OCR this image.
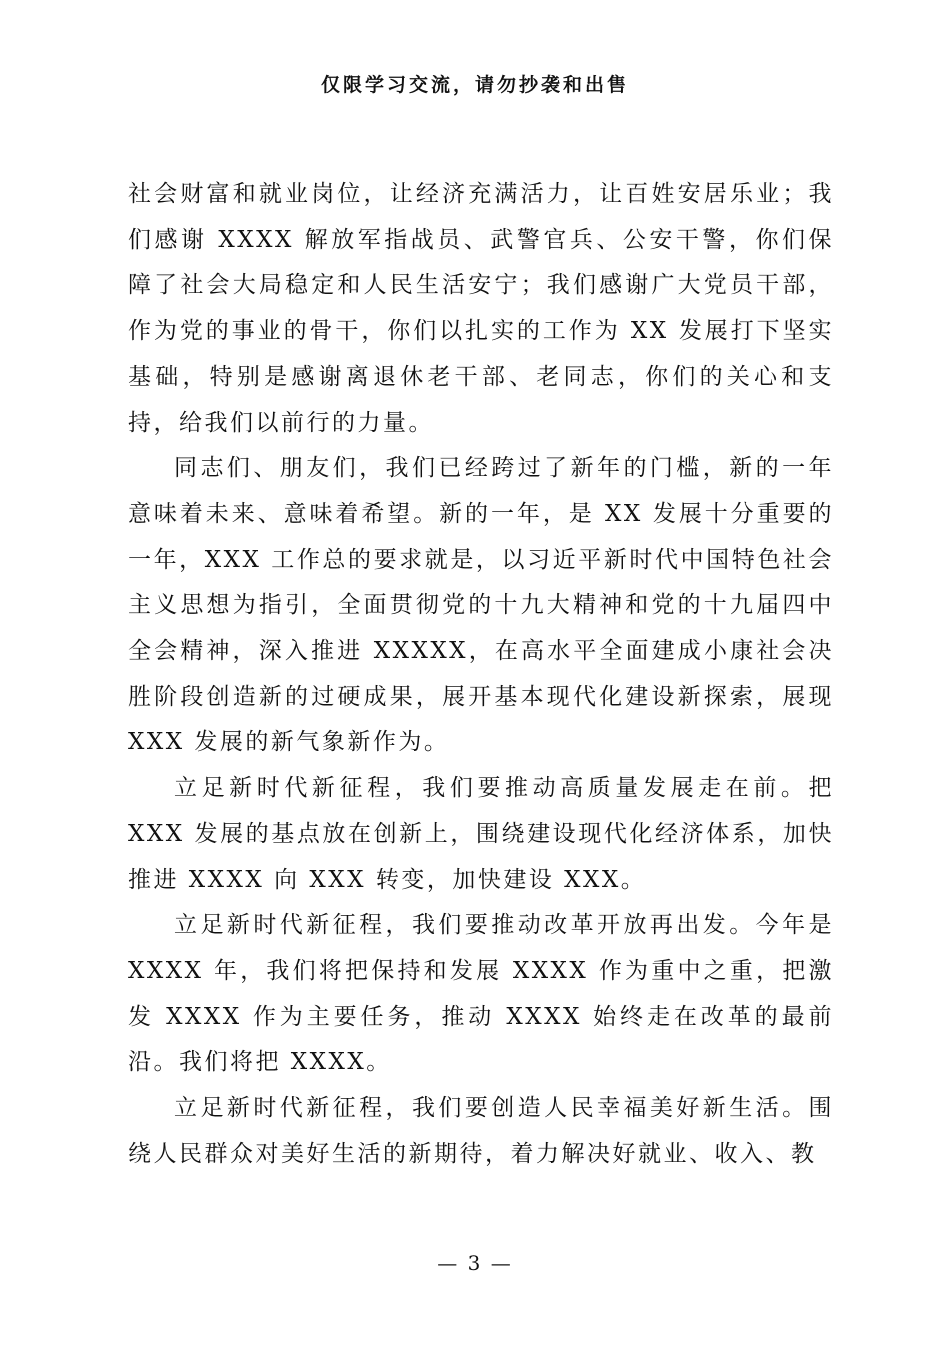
仅限学习交流，请勿抄袭和出售

社会财富和就业岗位，让经济充满活力，让百姓安居乐业；我们感谢 XXXX 解放军指战员、武警官兵、公安干警，你们保障了社会大局稳定和人民生活安宁；我们感谢广大党员干部，作为党的事业的骨干，你们以扎实的工作为 XX 发展打下坚实基础，特别是感谢离退休老干部、老同志，你们的关心和支持，给我们以前行的力量。

同志们、朋友们，我们已经跨过了新年的门槛，新的一年意味着未来、意味着希望。新的一年，是 XX 发展十分重要的一年，XXX 工作总的要求就是，以习近平新时代中国特色社会主义思想为指引，全面贯彻党的十九大精神和党的十九届四中全会精神，深入推进 XXXXX，在高水平全面建成小康社会决胜阶段创造新的过硬成果，展开基本现代化建设新探索，展现 XXX 发展的新气象新作为。

立足新时代新征程，我们要推动高质量发展走在前。把 XXX 发展的基点放在创新上，围绕建设现代化经济体系，加快推进 XXXX 向 XXX 转变，加快建设 XXX。

立足新时代新征程，我们要推动改革开放再出发。今年是 XXXX 年，我们将把保持和发展 XXXX 作为重中之重，把激发 XXXX 作为主要任务，推动 XXXX 始终走在改革的最前沿。我们将把 XXXX。

立足新时代新征程，我们要创造人民幸福美好新生活。围绕人民群众对美好生活的新期待，着力解决好就业、收入、教

— 3 —
